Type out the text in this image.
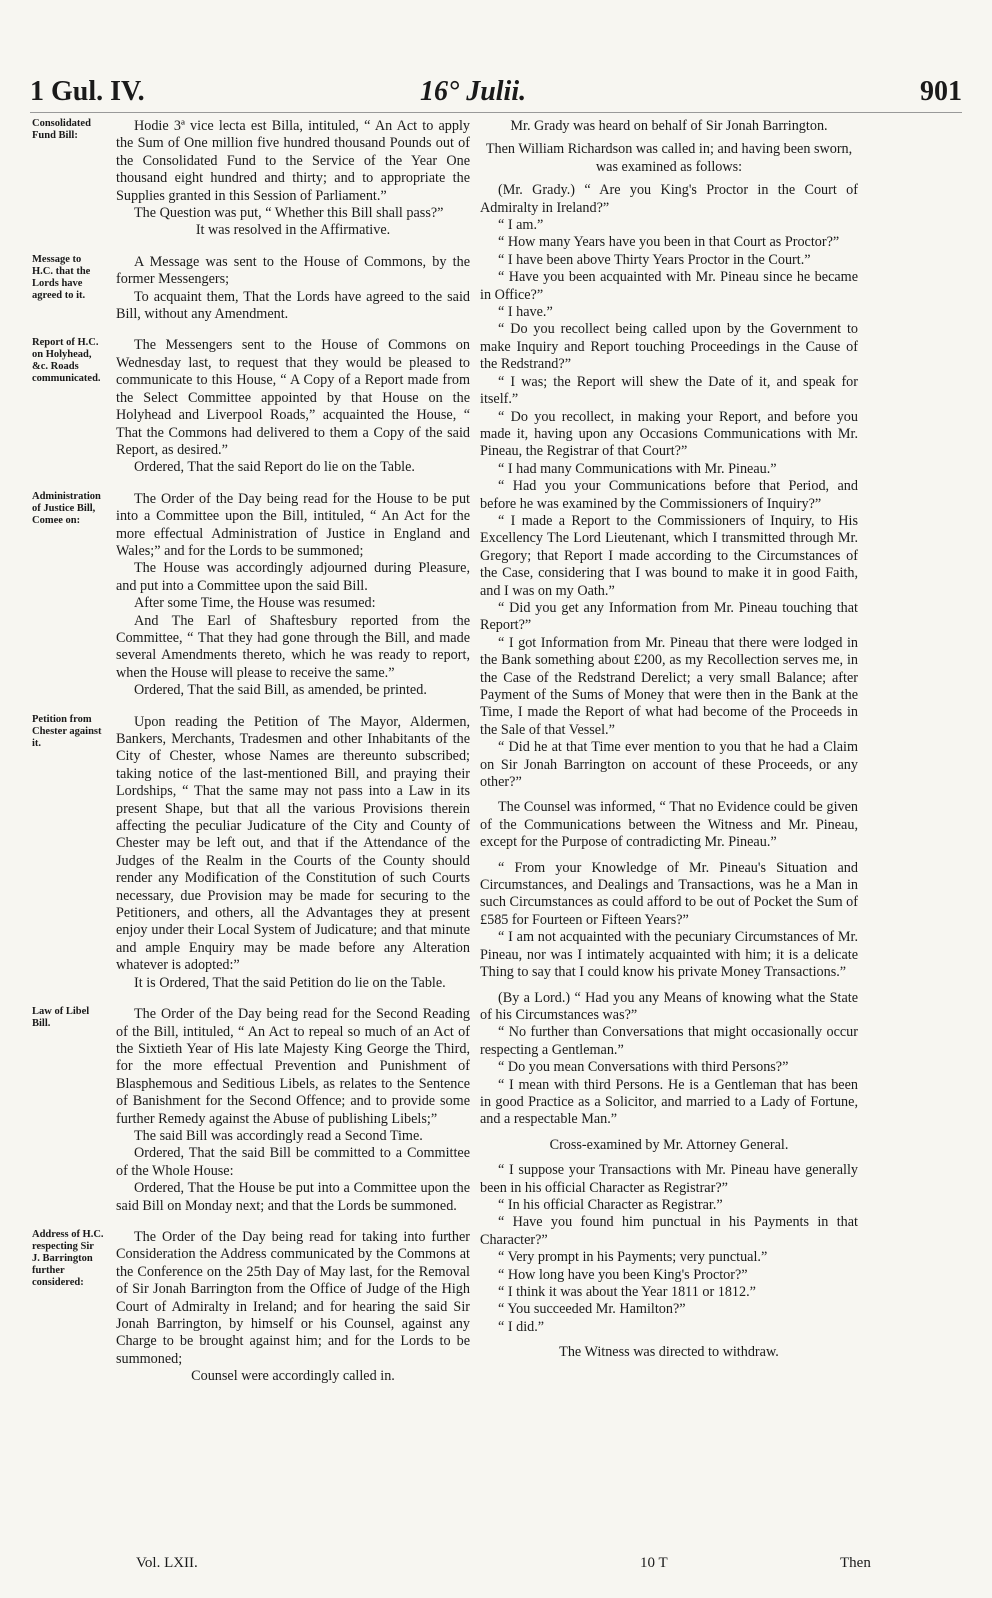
1 Gul. IV.	16° Julii.	901
Consolidated Fund Bill:

Hodie 3ª vice lecta est Billa, intituled, “ An Act to apply the Sum of One million five hundred thousand Pounds out of the Consolidated Fund to the Service of the Year One thousand eight hundred and thirty; and to appropriate the Supplies granted in this Session of Parliament.”

The Question was put, “ Whether this Bill shall pass?”

It was resolved in the Affirmative.

Message to H.C. that the Lords have agreed to it.

A Message was sent to the House of Commons, by the former Messengers;

To acquaint them, That the Lords have agreed to the said Bill, without any Amendment.

Report of H.C. on Holyhead, &c. Roads communicated.

The Messengers sent to the House of Commons on Wednesday last, to request that they would be pleased to communicate to this House, “ A Copy of a Report made from the Select Committee appointed by that House on the Holyhead and Liverpool Roads,” acquainted the House, “ That the Commons had delivered to them a Copy of the said Report, as desired.”

Ordered, That the said Report do lie on the Table.

Administration of Justice Bill, Comee on:

The Order of the Day being read for the House to be put into a Committee upon the Bill, intituled, “ An Act for the more effectual Administration of Justice in England and Wales;” and for the Lords to be summoned;

The House was accordingly adjourned during Pleasure, and put into a Committee upon the said Bill.

After some Time, the House was resumed:

And The Earl of Shaftesbury reported from the Committee, “ That they had gone through the Bill, and made several Amendments thereto, which he was ready to report, when the House will please to receive the same.”

Ordered, That the said Bill, as amended, be printed.

Petition from Chester against it.

Upon reading the Petition of The Mayor, Aldermen, Bankers, Merchants, Tradesmen and other Inhabitants of the City of Chester, whose Names are thereunto subscribed; taking notice of the last-mentioned Bill, and praying their Lordships, “ That the same may not pass into a Law in its present Shape, but that all the various Provisions therein affecting the peculiar Judicature of the City and County of Chester may be left out, and that if the Attendance of the Judges of the Realm in the Courts of the County should render any Modification of the Constitution of such Courts necessary, due Provision may be made for securing to the Petitioners, and others, all the Advantages they at present enjoy under their Local System of Judicature; and that minute and ample Enquiry may be made before any Alteration whatever is adopted:”

It is Ordered, That the said Petition do lie on the Table.

Law of Libel Bill.

The Order of the Day being read for the Second Reading of the Bill, intituled, “ An Act to repeal so much of an Act of the Sixtieth Year of His late Majesty King George the Third, for the more effectual Prevention and Punishment of Blasphemous and Seditious Libels, as relates to the Sentence of Banishment for the Second Offence; and to provide some further Remedy against the Abuse of publishing Libels;”

The said Bill was accordingly read a Second Time.

Ordered, That the said Bill be committed to a Committee of the Whole House:

Ordered, That the House be put into a Committee upon the said Bill on Monday next; and that the Lords be summoned.

Address of H.C. respecting Sir J. Barrington further considered:

The Order of the Day being read for taking into further Consideration the Address communicated by the Commons at the Conference on the 25th Day of May last, for the Removal of Sir Jonah Barrington from the Office of Judge of the High Court of Admiralty in Ireland; and for hearing the said Sir Jonah Barrington, by himself or his Counsel, against any Charge to be brought against him; and for the Lords to be summoned;

Counsel were accordingly called in.

Mr. Grady was heard on behalf of Sir Jonah Barrington.

Then William Richardson was called in; and having been sworn, was examined as follows:

(Mr. Grady.) “ Are you King's Proctor in the Court of Admiralty in Ireland?”

“ I am.”

“ How many Years have you been in that Court as Proctor?”

“ I have been above Thirty Years Proctor in the Court.”

“ Have you been acquainted with Mr. Pineau since he became in Office?”

“ I have.”

“ Do you recollect being called upon by the Government to make Inquiry and Report touching Proceedings in the Cause of the Redstrand?”

“ I was; the Report will shew the Date of it, and speak for itself.”

“ Do you recollect, in making your Report, and before you made it, having upon any Occasions Communications with Mr. Pineau, the Registrar of that Court?”

“ I had many Communications with Mr. Pineau.”

“ Had you your Communications before that Period, and before he was examined by the Commissioners of Inquiry?”

“ I made a Report to the Commissioners of Inquiry, to His Excellency The Lord Lieutenant, which I transmitted through Mr. Gregory; that Report I made according to the Circumstances of the Case, considering that I was bound to make it in good Faith, and I was on my Oath.”

“ Did you get any Information from Mr. Pineau touching that Report?”

“ I got Information from Mr. Pineau that there were lodged in the Bank something about £200, as my Recollection serves me, in the Case of the Redstrand Derelict; a very small Balance; after Payment of the Sums of Money that were then in the Bank at the Time, I made the Report of what had become of the Proceeds in the Sale of that Vessel.”

“ Did he at that Time ever mention to you that he had a Claim on Sir Jonah Barrington on account of these Proceeds, or any other?”

The Counsel was informed, “ That no Evidence could be given of the Communications between the Witness and Mr. Pineau, except for the Purpose of contradicting Mr. Pineau.”

“ From your Knowledge of Mr. Pineau's Situation and Circumstances, and Dealings and Transactions, was he a Man in such Circumstances as could afford to be out of Pocket the Sum of £585 for Fourteen or Fifteen Years?”

“ I am not acquainted with the pecuniary Circumstances of Mr. Pineau, nor was I intimately acquainted with him; it is a delicate Thing to say that I could know his private Money Transactions.”

(By a Lord.) “ Had you any Means of knowing what the State of his Circumstances was?”

“ No further than Conversations that might occasionally occur respecting a Gentleman.”

“ Do you mean Conversations with third Persons?”

“ I mean with third Persons. He is a Gentleman that has been in good Practice as a Solicitor, and married to a Lady of Fortune, and a respectable Man.”

Cross-examined by Mr. Attorney General.

“ I suppose your Transactions with Mr. Pineau have generally been in his official Character as Registrar?”

“ In his official Character as Registrar.”

“ Have you found him punctual in his Payments in that Character?”

“ Very prompt in his Payments; very punctual.”

“ How long have you been King's Proctor?”

“ I think it was about the Year 1811 or 1812.”

“ You succeeded Mr. Hamilton?”

“ I did.”

The Witness was directed to withdraw.

Vol. LXII.	10 T	Then
